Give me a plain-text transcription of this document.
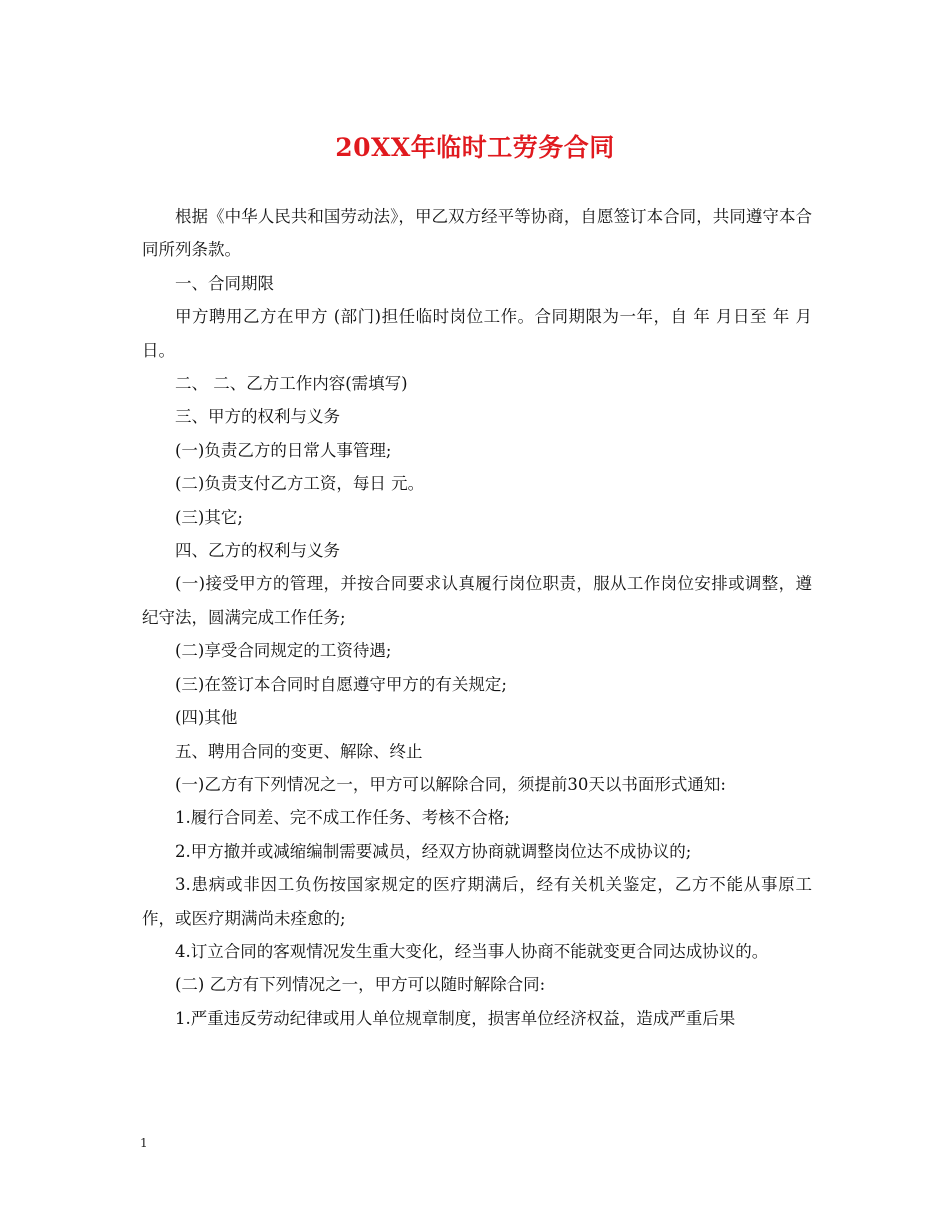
20XX年临时工劳务合同

根据《中华人民共和国劳动法》，甲乙双方经平等协商，自愿签订本合同，共同遵守本合同所列条款。

一、合同期限

甲方聘用乙方在甲方 (部门)担任临时岗位工作。合同期限为一年，自 年 月日至 年 月 日。

二、 二、乙方工作内容(需填写)

三、甲方的权利与义务

(一)负责乙方的日常人事管理;

(二)负责支付乙方工资，每日 元。

(三)其它;

四、乙方的权利与义务

(一)接受甲方的管理，并按合同要求认真履行岗位职责，服从工作岗位安排或调整，遵纪守法，圆满完成工作任务;

(二)享受合同规定的工资待遇;

(三)在签订本合同时自愿遵守甲方的有关规定;

(四)其他

五、聘用合同的变更、解除、终止

(一)乙方有下列情况之一，甲方可以解除合同，须提前30天以书面形式通知:

1.履行合同差、完不成工作任务、考核不合格;

2.甲方撤并或减缩编制需要减员，经双方协商就调整岗位达不成协议的;

3.患病或非因工负伤按国家规定的医疗期满后，经有关机关鉴定，乙方不能从事原工作，或医疗期满尚未痊愈的;

4.订立合同的客观情况发生重大变化，经当事人协商不能就变更合同达成协议的。

(二) 乙方有下列情况之一，甲方可以随时解除合同:

1.严重违反劳动纪律或用人单位规章制度，损害单位经济权益，造成严重后果

1
